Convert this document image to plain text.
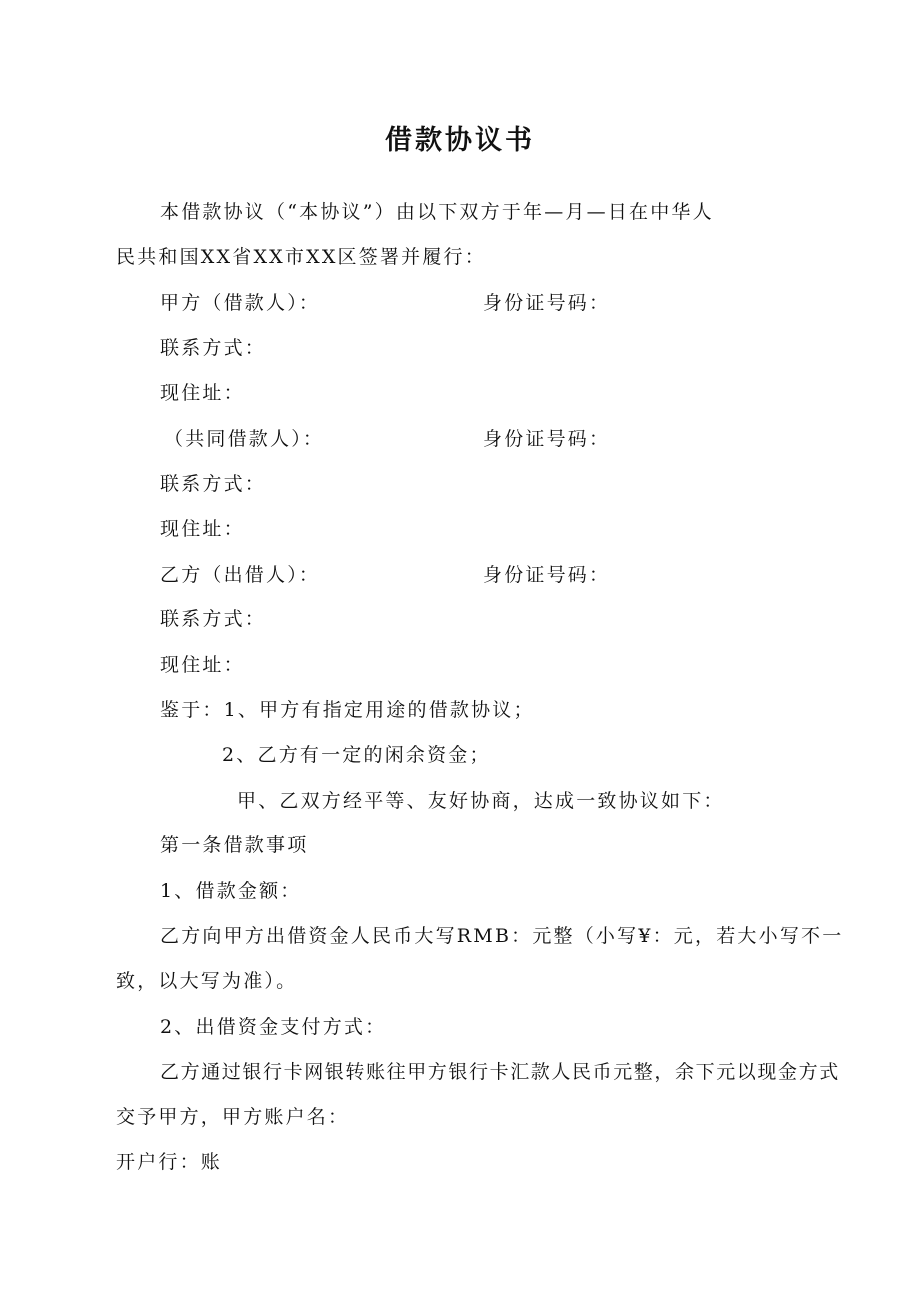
借款协议书
本借款协议（“本协议”）由以下双方于年—月—日在中华人
民共和国XX省XX市XX区签署并履行：
甲方（借款人）：	身份证号码：
联系方式：
现住址：
（共同借款人）：	身份证号码：
联系方式：
现住址：
乙方（出借人）：	身份证号码：
联系方式：
现住址：
鉴于：1、甲方有指定用途的借款协议；
2、乙方有一定的闲余资金；
甲、乙双方经平等、友好协商，达成一致协议如下：
第一条借款事项
1、借款金额：
乙方向甲方出借资金人民币大写RMB：元整（小写¥：元，若大小写不一
致，以大写为准）。
2、出借资金支付方式：
乙方通过银行卡网银转账往甲方银行卡汇款人民币元整，余下元以现金方式
交予甲方，甲方账户名：
开户行：账
